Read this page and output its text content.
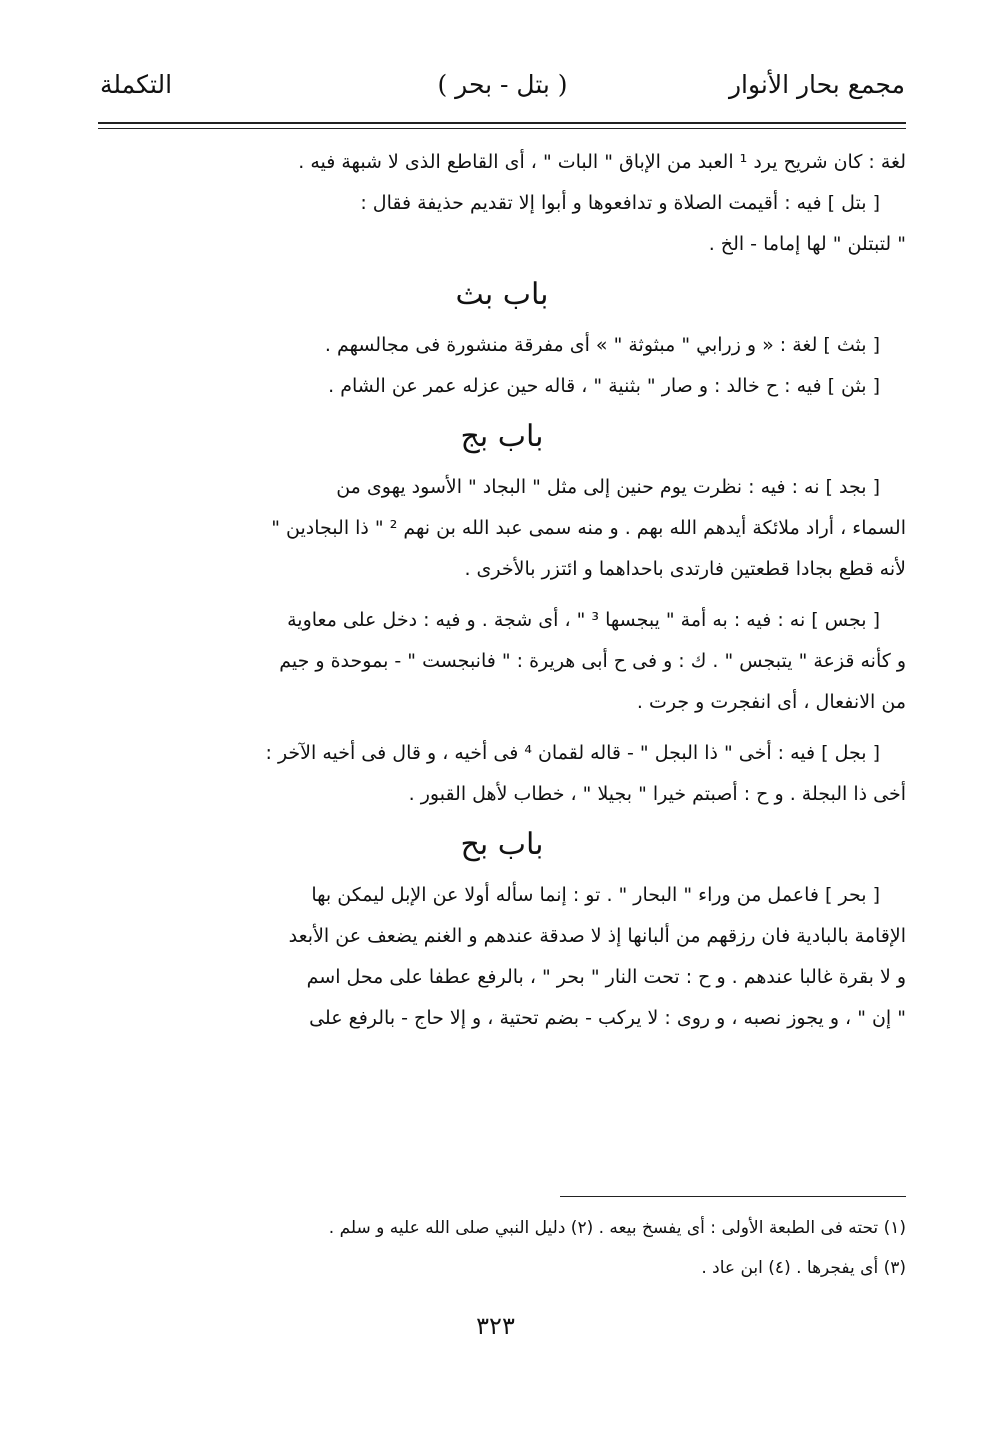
مجمع بحار الأنوار
( بتل - بحر )
التكملة
لغة : كان شريح يرد ¹ العبد من الإباق " البات " ، أى القاطع الذى لا شبهة فيه .
[ بتل ] فيه : أقيمت الصلاة و تدافعوها و أبوا إلا تقديم حذيفة فقال :
" لتبتلن " لها إماما - الخ .
باب بث
[ بثث ] لغة : « و زرابي " مبثوثة " » أى مفرقة منشورة فى مجالسهم .
[ بثن ] فيه : ح خالد : و صار " بثنية " ، قاله حين عزله عمر عن الشام .
باب بج
[ بجد ] نه : فيه : نظرت يوم حنين إلى مثل " البجاد " الأسود يهوى من
السماء ، أراد ملائكة أيدهم الله بهم . و منه سمى عبد الله بن نهم ² " ذا البجادين "
لأنه قطع بجادا قطعتين فارتدى باحداهما و ائتزر بالأخرى .
[ بجس ] نه : فيه : به أمة " يبجسها ³ " ، أى شجة . و فيه : دخل على معاوية
و كأنه قزعة " يتبجس " . ك : و فى ح أبى هريرة : " فانبجست " - بموحدة و جيم
من الانفعال ، أى انفجرت و جرت .
[ بجل ] فيه : أخى " ذا البجل " - قاله لقمان ⁴ فى أخيه ، و قال فى أخيه الآخر :
أخى ذا البجلة . و ح : أصبتم خيرا " بجيلا " ، خطاب لأهل القبور .
باب بح
[ بحر ] فاعمل من وراء " البحار " . تو : إنما سأله أولا عن الإبل ليمكن بها
الإقامة بالبادية فان رزقهم من ألبانها إذ لا صدقة عندهم و الغنم يضعف عن الأبعد
و لا بقرة غالبا عندهم . و ح : تحت النار " بحر " ، بالرفع عطفا على محل اسم
" إن " ، و يجوز نصبه ، و روى : لا يركب - بضم تحتية ، و إلا حاج - بالرفع على
(١) تحته فى الطبعة الأولى : أى يفسخ بيعه . (٢) دليل النبي صلى الله عليه و سلم .
(٣) أى يفجرها . (٤) ابن عاد .
٣٢٣
